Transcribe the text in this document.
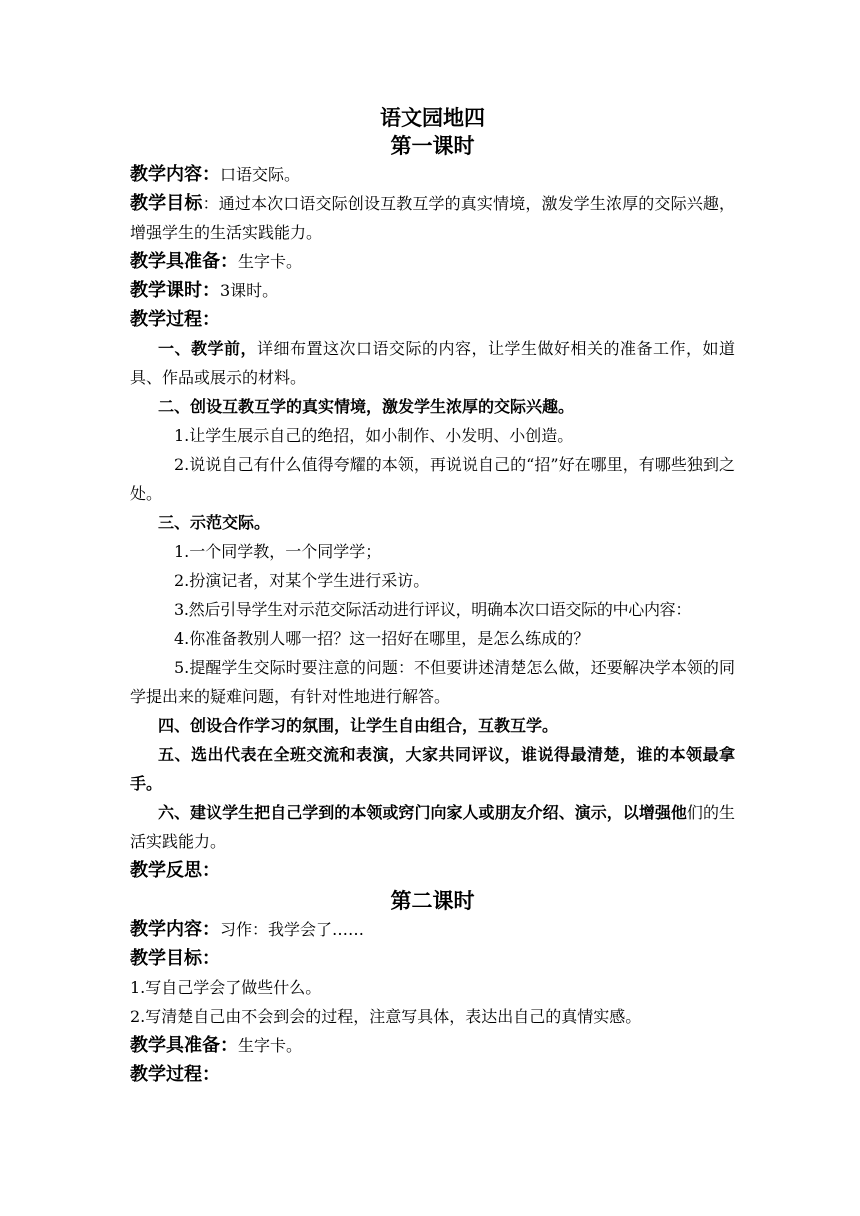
语文园地四

第一课时

教学内容：口语交际。

教学目标：通过本次口语交际创设互教互学的真实情境，激发学生浓厚的交际兴趣，增强学生的生活实践能力。

教学具准备：生字卡。

教学课时：3课时。

教学过程：

一、教学前，详细布置这次口语交际的内容，让学生做好相关的准备工作，如道具、作品或展示的材料。

二、创设互教互学的真实情境，激发学生浓厚的交际兴趣。

1.让学生展示自己的绝招，如小制作、小发明、小创造。

2.说说自己有什么值得夸耀的本领，再说说自己的“招”好在哪里，有哪些独到之处。

三、示范交际。

1.一个同学教，一个同学学；

2.扮演记者，对某个学生进行采访。

3.然后引导学生对示范交际活动进行评议，明确本次口语交际的中心内容：

4.你准备教别人哪一招？这一招好在哪里，是怎么练成的？

5.提醒学生交际时要注意的问题：不但要讲述清楚怎么做，还要解决学本领的同学提出来的疑难问题，有针对性地进行解答。

四、创设合作学习的氛围，让学生自由组合，互教互学。

五、选出代表在全班交流和表演，大家共同评议，谁说得最清楚，谁的本领最拿手。

六、建议学生把自己学到的本领或窍门向家人或朋友介绍、演示，以增强他们的生活实践能力。

教学反思：

第二课时

教学内容：习作：我学会了……

教学目标：

1.写自己学会了做些什么。

2.写清楚自己由不会到会的过程，注意写具体，表达出自己的真情实感。

教学具准备：生字卡。

教学过程：
